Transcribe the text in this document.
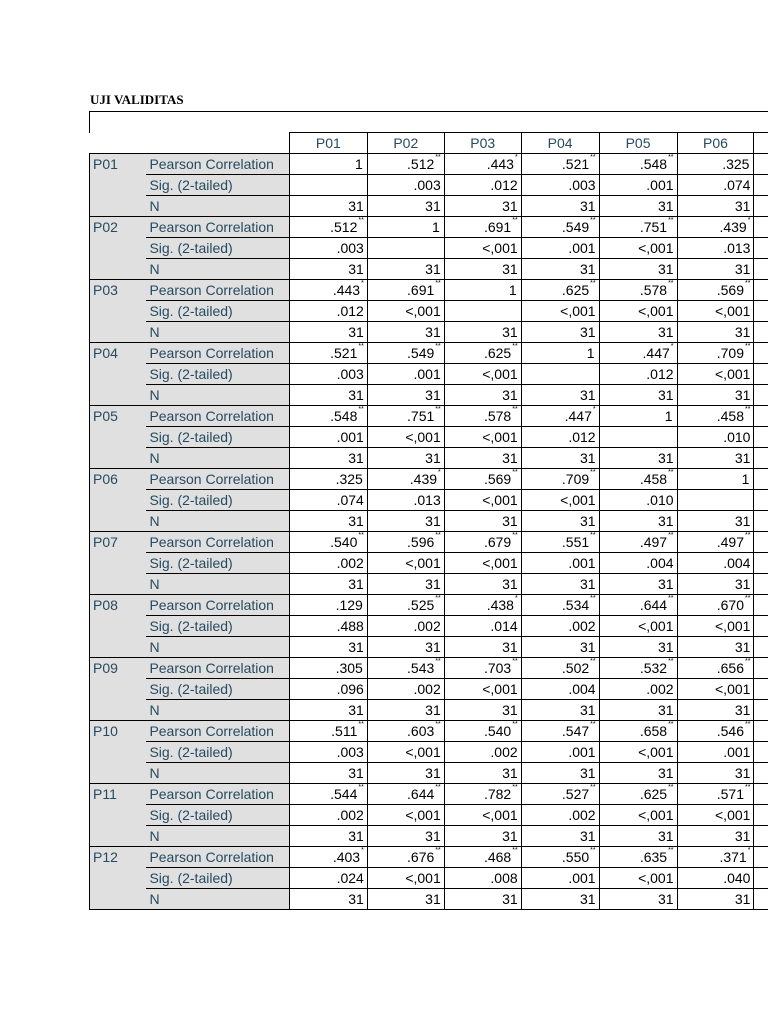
UJI VALIDITAS
		P01	P02	P03	P04	P05	P06	
P01	Pearson Correlation	1	.512**	.443*	.521**	.548**	.325	
	Sig. (2-tailed)		.003	.012	.003	.001	.074	
	N	31	31	31	31	31	31	
P02	Pearson Correlation	.512**	1	.691**	.549**	.751**	.439*	
	Sig. (2-tailed)	.003		<,001	.001	<,001	.013	
	N	31	31	31	31	31	31	
P03	Pearson Correlation	.443*	.691**	1	.625**	.578**	.569**	
	Sig. (2-tailed)	.012	<,001		<,001	<,001	<,001	
	N	31	31	31	31	31	31	
P04	Pearson Correlation	.521**	.549**	.625**	1	.447*	.709**	
	Sig. (2-tailed)	.003	.001	<,001		.012	<,001	
	N	31	31	31	31	31	31	
P05	Pearson Correlation	.548**	.751**	.578**	.447*	1	.458**	
	Sig. (2-tailed)	.001	<,001	<,001	.012		.010	
	N	31	31	31	31	31	31	
P06	Pearson Correlation	.325	.439*	.569**	.709**	.458**	1	
	Sig. (2-tailed)	.074	.013	<,001	<,001	.010		
	N	31	31	31	31	31	31	
P07	Pearson Correlation	.540**	.596**	.679**	.551**	.497**	.497**	
	Sig. (2-tailed)	.002	<,001	<,001	.001	.004	.004	
	N	31	31	31	31	31	31	
P08	Pearson Correlation	.129	.525**	.438*	.534**	.644**	.670**	
	Sig. (2-tailed)	.488	.002	.014	.002	<,001	<,001	
	N	31	31	31	31	31	31	
P09	Pearson Correlation	.305	.543**	.703**	.502**	.532**	.656**	
	Sig. (2-tailed)	.096	.002	<,001	.004	.002	<,001	
	N	31	31	31	31	31	31	
P10	Pearson Correlation	.511**	.603**	.540**	.547**	.658**	.546**	
	Sig. (2-tailed)	.003	<,001	.002	.001	<,001	.001	
	N	31	31	31	31	31	31	
P11	Pearson Correlation	.544**	.644**	.782**	.527**	.625**	.571**	
	Sig. (2-tailed)	.002	<,001	<,001	.002	<,001	<,001	
	N	31	31	31	31	31	31	
P12	Pearson Correlation	.403*	.676**	.468**	.550**	.635**	.371*	
	Sig. (2-tailed)	.024	<,001	.008	.001	<,001	.040	
	N	31	31	31	31	31	31	
